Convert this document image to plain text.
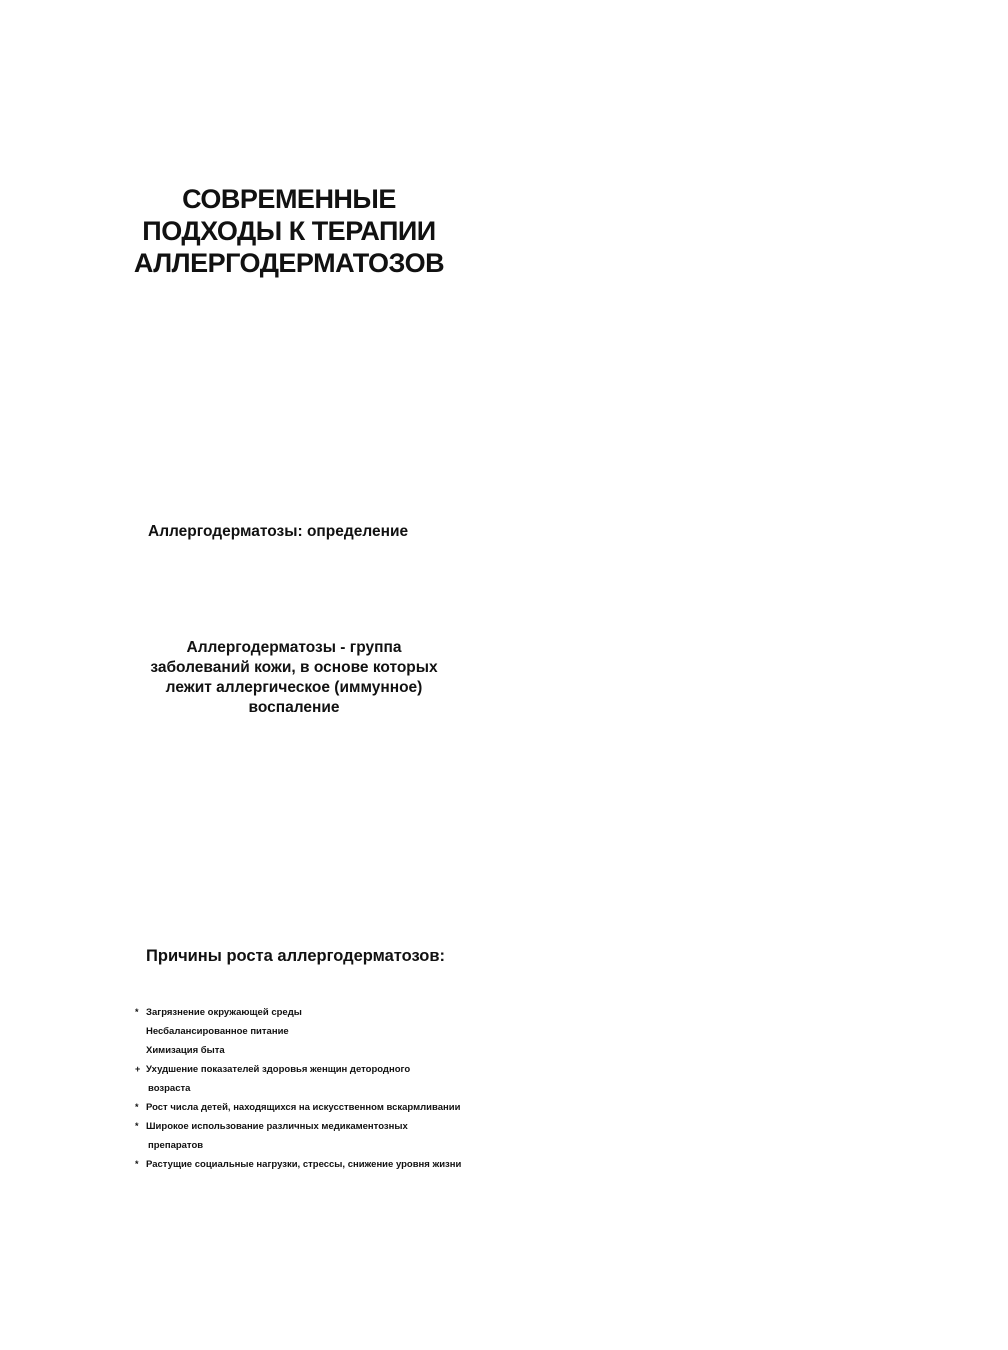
СОВРЕМЕННЫЕ
ПОДХОДЫ К ТЕРАПИИ
АЛЛЕРГОДЕРМАТОЗОВ
Аллергодерматозы: определение

Аллергодерматозы - группа
заболеваний кожи, в основе которых
лежит аллергическое (иммунное)
воспаление

Причины роста аллергодерматозов:
* Загрязнение окружающей среды
Несбалансированное питание
Химизация быта
+ Ухудшение показателей здоровья женщин детородного
возраста
* Рост числа детей, находящихся на искусственном вскармливании
* Широкое использование различных медикаментозных
препаратов
* Растущие социальные нагрузки, стрессы, снижение уровня жизни
